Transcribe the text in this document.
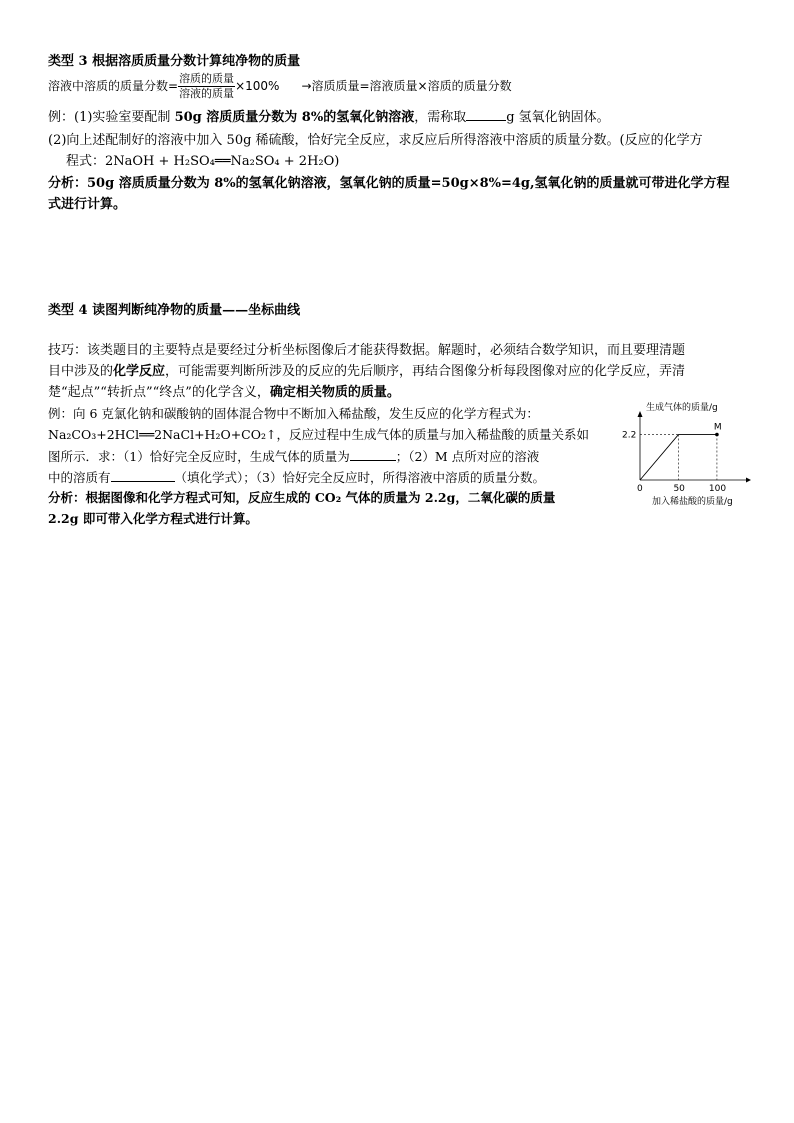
类型 3 根据溶质质量分数计算纯净物的质量
溶液中溶质的质量分数= $\frac{\text{溶质的质量}}{\text{溶液的质量}} \times 100\%$ →溶质质量=溶液质量×溶质的质量分数
例：(1)实验室要配制 50g 溶质质量分数为 8%的氢氧化钠溶液，需称取	g 氢氧化钠固体。
(2)向上述配制好的溶液中加入 50g 稀硫酸，恰好完全反应，求反应后所得溶液中溶质的质量分数。(反应的化学方
程式：2NaOH + H₂SO₄══Na₂SO₄ + 2H₂O)
分析：50g 溶质质量分数为 8%的氢氧化钠溶液，氢氧化钠的质量=50g×8%=4g,氢氧化钠的质量就可带进化学方程
式进行计算。
类型 4 读图判断纯净物的质量——坐标曲线
技巧：该类题目的主要特点是要经过分析坐标图像后才能获得数据。解题时，必须结合数学知识，而且要理清题
目中涉及的化学反应，可能需要判断所涉及的反应的先后顺序，再结合图像分析每段图像对应的化学反应，弄清
楚“起点”“转折点”“终点”的化学含义，确定相关物质的质量。
例：向 6 克氯化钠和碳酸钠的固体混合物中不断加入稀盐酸，发生反应的化学方程式为：
Na₂CO₃+2HCl══2NaCl+H₂O+CO₂↑，反应过程中生成气体的质量与加入稀盐酸的质量关系如
图所示．求：（1）恰好完全反应时，生成气体的质量为	；（2）M 点所对应的溶液
中的溶质有	（填化学式）；（3）恰好完全反应时，所得溶液中溶质的质量分数。
分析：根据图像和化学方程式可知，反应生成的 CO₂ 气体的质量为 2.2g，二氧化碳的质量
2.2g 即可带入化学方程式进行计算。
生成气体的质量/g
加入稀盐酸的质量/g
0
2.2
50	100
M
